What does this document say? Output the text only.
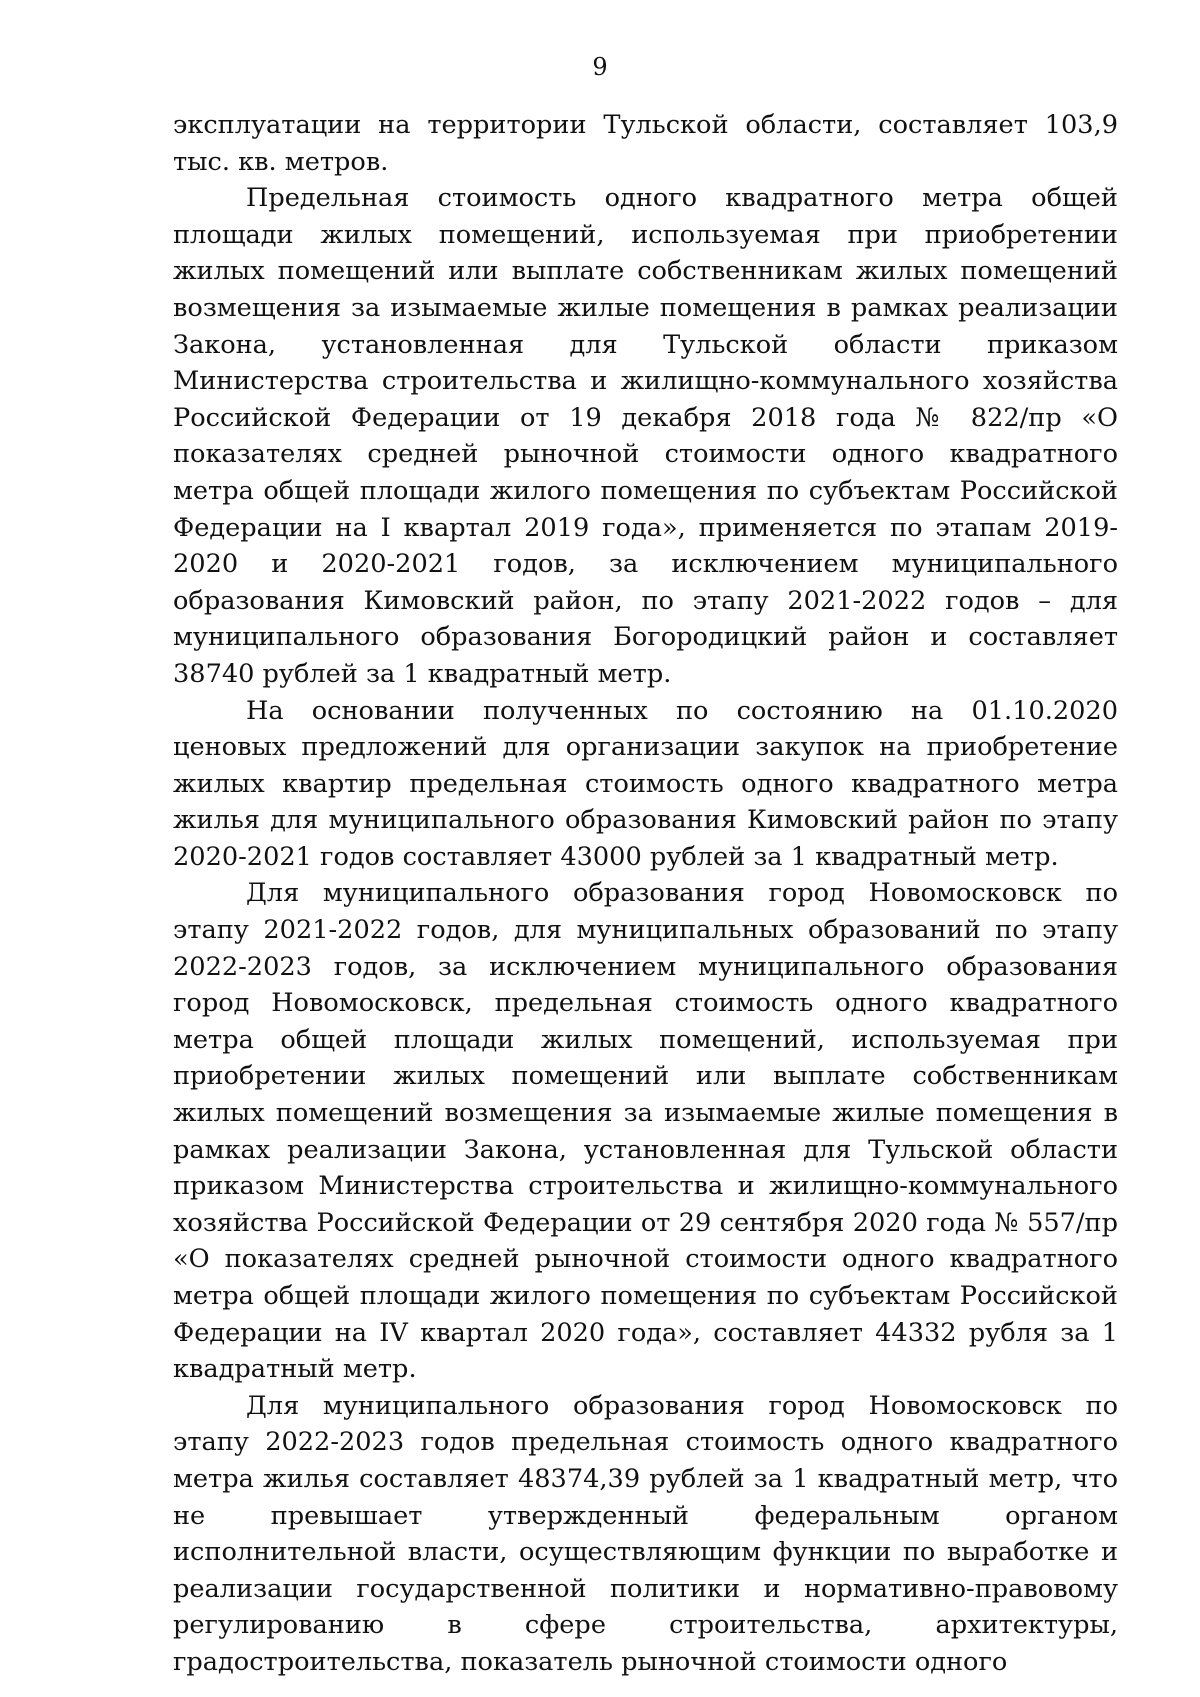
9

эксплуатации на территории Тульской области, составляет 103,9 тыс. кв. метров.

Предельная стоимость одного квадратного метра общей площади жилых помещений, используемая при приобретении жилых помещений или выплате собственникам жилых помещений возмещения за изымаемые жилые помещения в рамках реализации Закона, установленная для Тульской области приказом Министерства строительства и жилищно-коммунального хозяйства Российской Федерации от 19 декабря 2018 года № 822/пр «О показателях средней рыночной стоимости одного квадратного метра общей площади жилого помещения по субъектам Российской Федерации на I квартал 2019 года», применяется по этапам 2019-2020 и 2020-2021 годов, за исключением муниципального образования Кимовский район, по этапу 2021-2022 годов – для муниципального образования Богородицкий район и составляет 38740 рублей за 1 квадратный метр.

На основании полученных по состоянию на 01.10.2020 ценовых предложений для организации закупок на приобретение жилых квартир предельная стоимость одного квадратного метра жилья для муниципального образования Кимовский район по этапу 2020-2021 годов составляет 43000 рублей за 1 квадратный метр.

Для муниципального образования город Новомосковск по этапу 2021-2022 годов, для муниципальных образований по этапу 2022-2023 годов, за исключением муниципального образования город Новомосковск, предельная стоимость одного квадратного метра общей площади жилых помещений, используемая при приобретении жилых помещений или выплате собственникам жилых помещений возмещения за изымаемые жилые помещения в рамках реализации Закона, установленная для Тульской области приказом Министерства строительства и жилищно-коммунального хозяйства Российской Федерации от 29 сентября 2020 года № 557/пр «О показателях средней рыночной стоимости одного квадратного метра общей площади жилого помещения по субъектам Российской Федерации на IV квартал 2020 года», составляет 44332 рубля за 1 квадратный метр.

Для муниципального образования город Новомосковск по этапу 2022-2023 годов предельная стоимость одного квадратного метра жилья составляет 48374,39 рублей за 1 квадратный метр, что не превышает утвержденный федеральным органом исполнительной власти, осуществляющим функции по выработке и реализации государственной политики и нормативно-правовому регулированию в сфере строительства, архитектуры, градостроительства, показатель рыночной стоимости одного
